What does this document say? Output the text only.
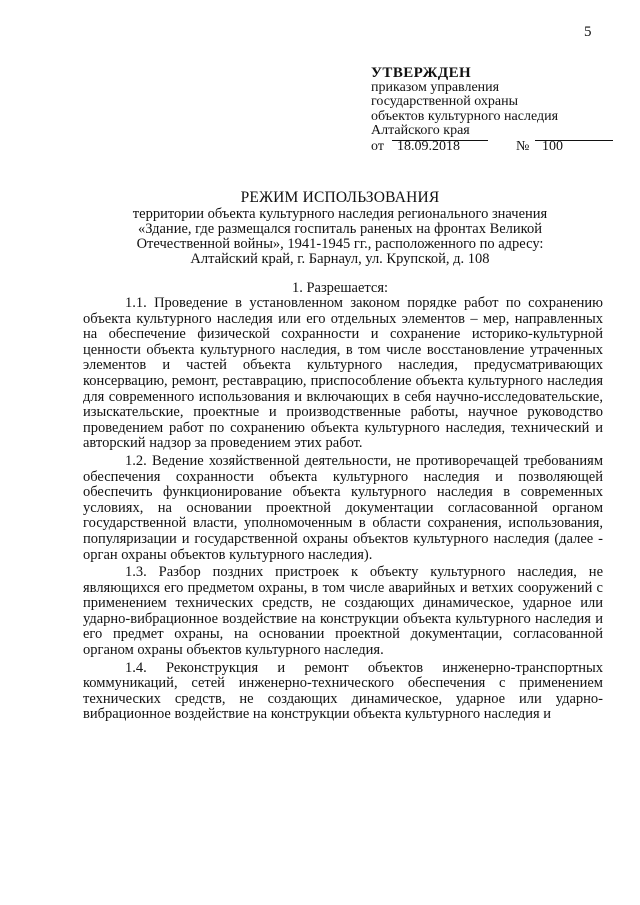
5
УТВЕРЖДЕН
приказом управления
государственной охраны
объектов культурного наследия
Алтайского края
от 18.09.2018	№ 100
РЕЖИМ ИСПОЛЬЗОВАНИЯ
территории объекта культурного наследия регионального значения
«Здание, где размещался госпиталь раненых на фронтах Великой
Отечественной войны», 1941-1945 гг., расположенного по адресу:
Алтайский край, г. Барнаул, ул. Крупской, д. 108
1. Разрешается:

1.1. Проведение в установленном законом порядке работ по сохранению объекта культурного наследия или его отдельных элементов – мер, направленных на обеспечение физической сохранности и сохранение историко-культурной ценности объекта культурного наследия, в том числе восстановление утраченных элементов и частей объекта культурного наследия, предусматривающих консервацию, ремонт, реставрацию, приспособление объекта культурного наследия для современного использования и включающих в себя научно-исследовательские, изыскательские, проектные и производственные работы, научное руководство проведением работ по сохранению объекта культурного наследия, технический и авторский надзор за проведением этих работ.

1.2. Ведение хозяйственной деятельности, не противоречащей требованиям обеспечения сохранности объекта культурного наследия и позволяющей обеспечить функционирование объекта культурного наследия в современных условиях, на основании проектной документации согласованной органом государственной власти, уполномоченным в области сохранения, использования, популяризации и государственной охраны объектов культурного наследия (далее - орган охраны объектов культурного наследия).

1.3. Разбор поздних пристроек к объекту культурного наследия, не являющихся его предметом охраны, в том числе аварийных и ветхих сооружений с применением технических средств, не создающих динамическое, ударное или ударно-вибрационное воздействие на конструкции объекта культурного наследия и его предмет охраны, на основании проектной документации, согласованной органом охраны объектов культурного наследия.

1.4. Реконструкция и ремонт объектов инженерно-транспортных коммуникаций, сетей инженерно-технического обеспечения с применением технических средств, не создающих динамическое, ударное или ударно-вибрационное воздействие на конструкции объекта культурного наследия и
